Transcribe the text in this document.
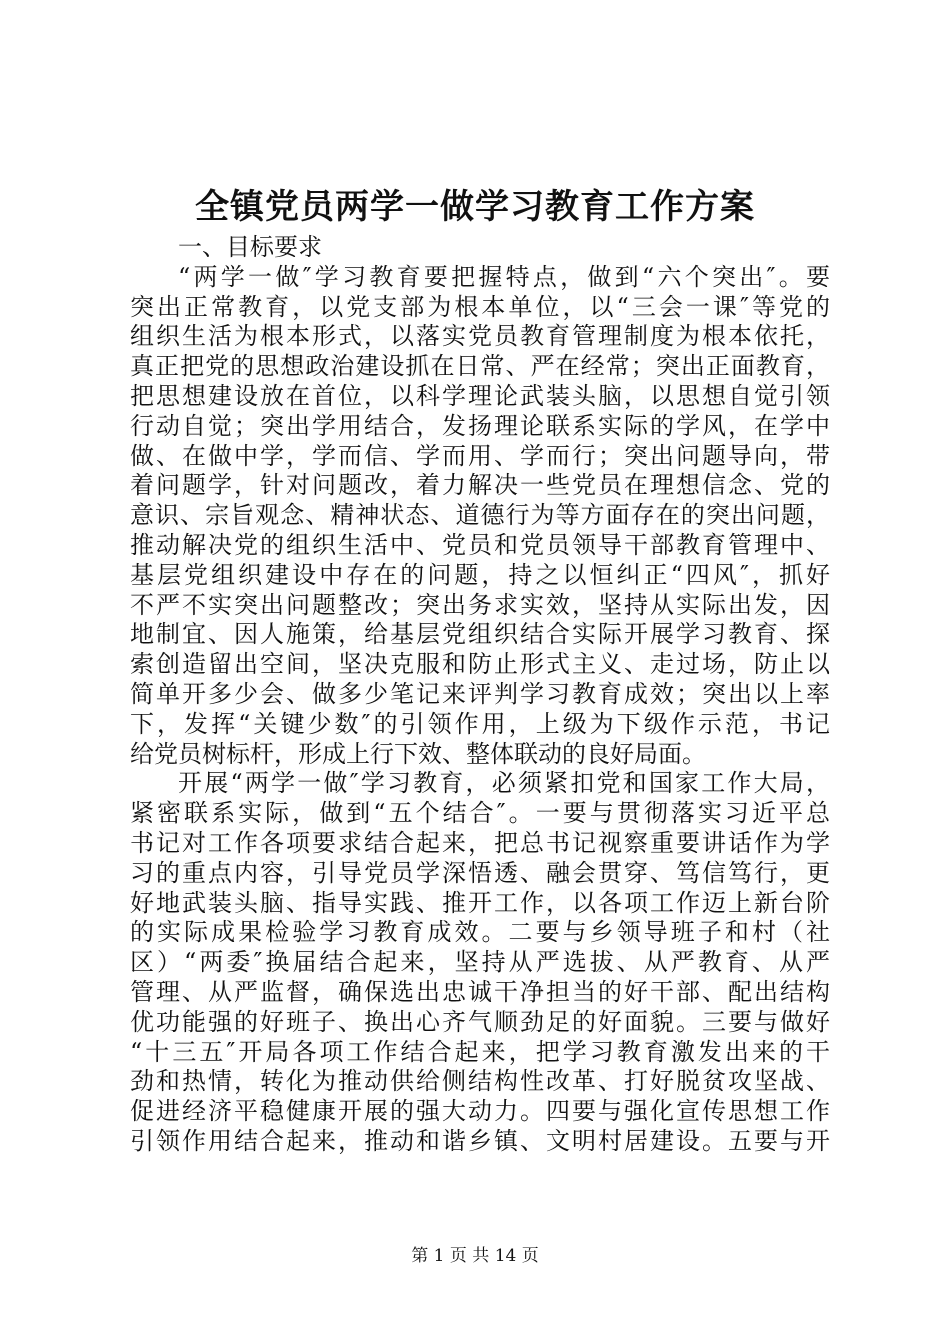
全镇党员两学一做学习教育工作方案
一、目标要求
“两学一做″学习教育要把握特点，做到“六个突出″。要
突出正常教育，以党支部为根本单位，以“三会一课″等党的
组织生活为根本形式，以落实党员教育管理制度为根本依托，
真正把党的思想政治建设抓在日常、严在经常；突出正面教育，
把思想建设放在首位，以科学理论武装头脑，以思想自觉引领
行动自觉；突出学用结合，发扬理论联系实际的学风，在学中
做、在做中学，学而信、学而用、学而行；突出问题导向，带
着问题学，针对问题改，着力解决一些党员在理想信念、党的
意识、宗旨观念、精神状态、道德行为等方面存在的突出问题，
推动解决党的组织生活中、党员和党员领导干部教育管理中、
基层党组织建设中存在的问题，持之以恒纠正“四风″，抓好
不严不实突出问题整改；突出务求实效，坚持从实际出发，因
地制宜、因人施策，给基层党组织结合实际开展学习教育、探
索创造留出空间，坚决克服和防止形式主义、走过场，防止以
简单开多少会、做多少笔记来评判学习教育成效；突出以上率
下，发挥“关键少数″的引领作用，上级为下级作示范，书记
给党员树标杆，形成上行下效、整体联动的良好局面。
开展“两学一做″学习教育，必须紧扣党和国家工作大局，
紧密联系实际，做到“五个结合″。一要与贯彻落实习近平总
书记对工作各项要求结合起来，把总书记视察重要讲话作为学
习的重点内容，引导党员学深悟透、融会贯穿、笃信笃行，更
好地武装头脑、指导实践、推开工作，以各项工作迈上新台阶
的实际成果检验学习教育成效。二要与乡领导班子和村（社
区）“两委″换届结合起来，坚持从严选拔、从严教育、从严
管理、从严监督，确保选出忠诚干净担当的好干部、配出结构
优功能强的好班子、换出心齐气顺劲足的好面貌。三要与做好
“十三五″开局各项工作结合起来，把学习教育激发出来的干
劲和热情，转化为推动供给侧结构性改革、打好脱贫攻坚战、
促进经济平稳健康开展的强大动力。四要与强化宣传思想工作
引领作用结合起来，推动和谐乡镇、文明村居建设。五要与开
第 1 页 共 14 页
